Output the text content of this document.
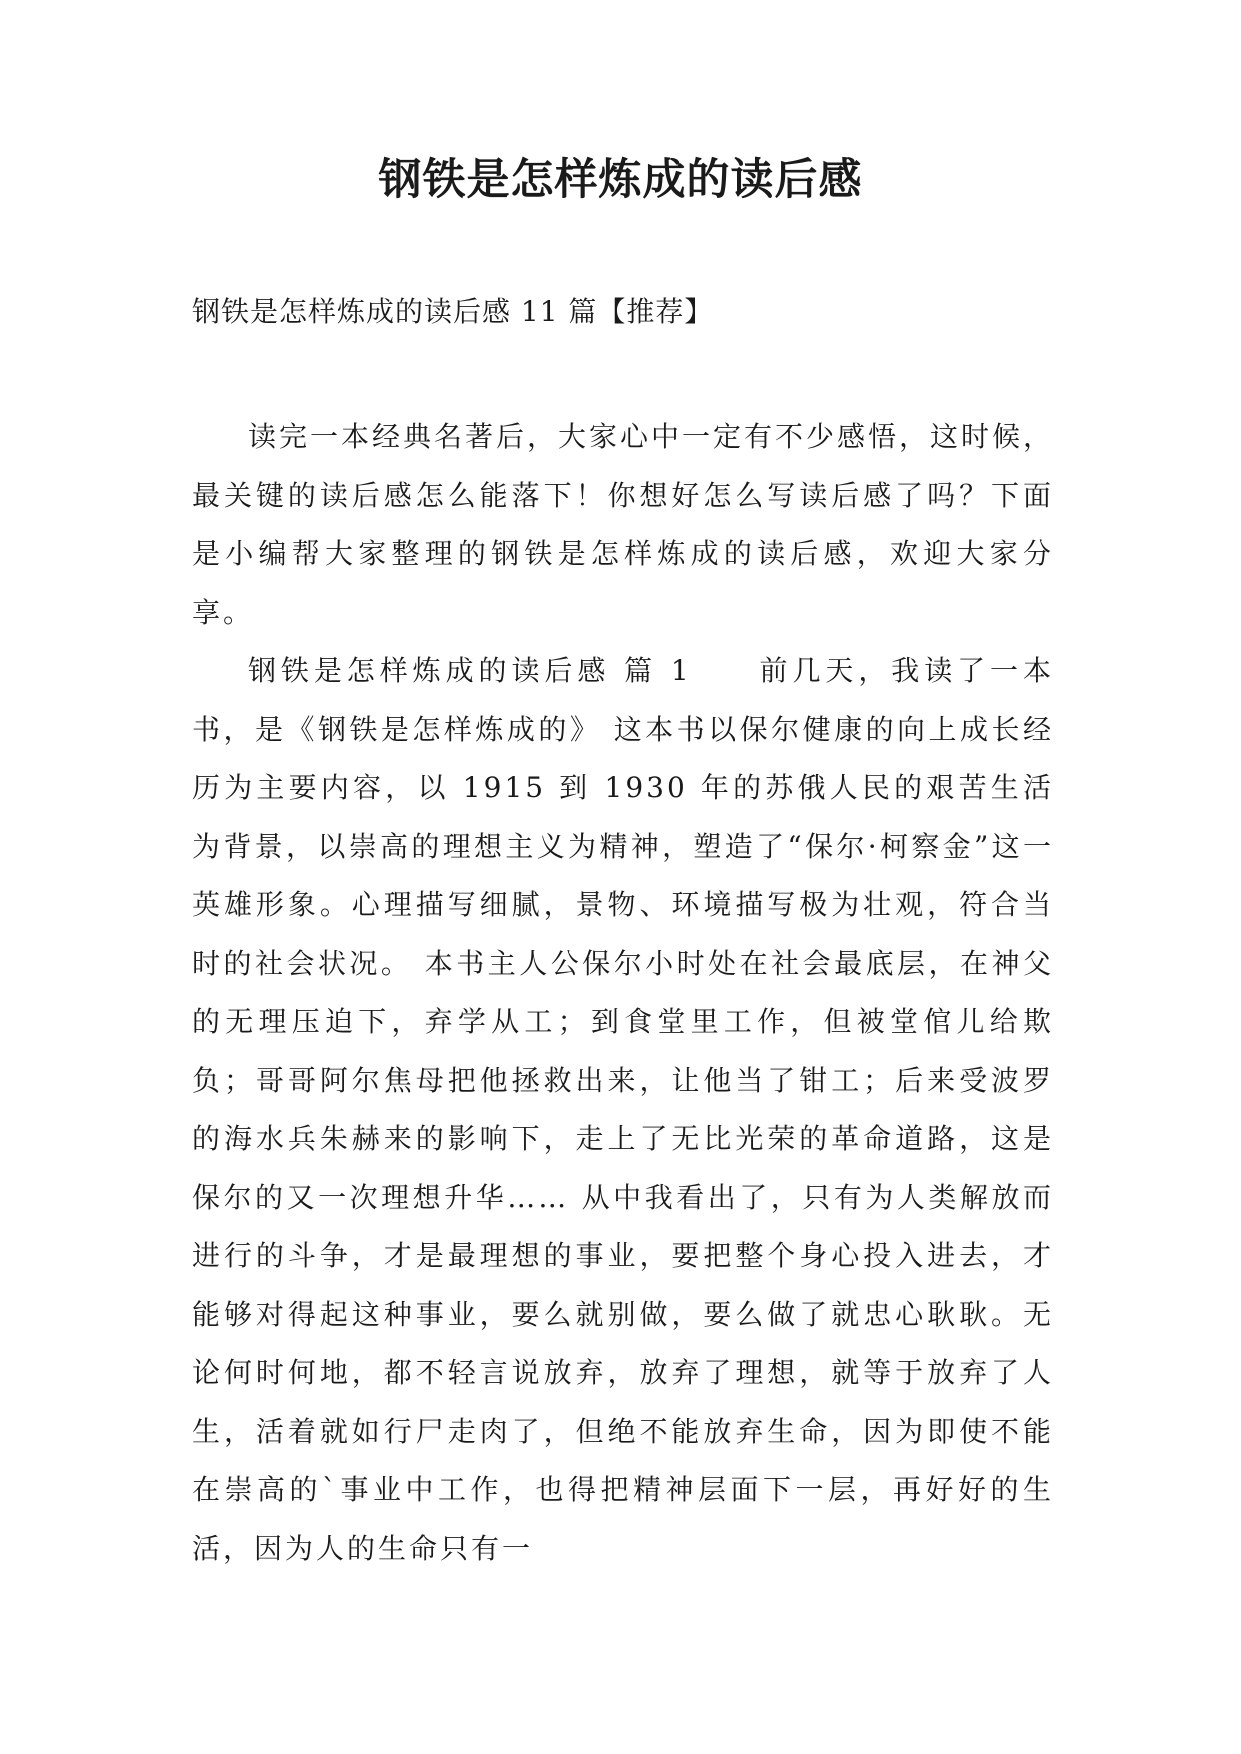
钢铁是怎样炼成的读后感
钢铁是怎样炼成的读后感 11 篇【推荐】

读完一本经典名著后，大家心中一定有不少感悟，这时候，最关键的读后感怎么能落下！你想好怎么写读后感了吗？下面是小编帮大家整理的钢铁是怎样炼成的读后感，欢迎大家分享。

钢铁是怎样炼成的读后感 篇 1　　前几天，我读了一本书，是《钢铁是怎样炼成的》 这本书以保尔健康的向上成长经历为主要内容，以 1915 到 1930 年的苏俄人民的艰苦生活为背景，以崇高的理想主义为精神，塑造了“保尔·柯察金”这一英雄形象。心理描写细腻，景物、环境描写极为壮观，符合当时的社会状况。 本书主人公保尔小时处在社会最底层，在神父的无理压迫下，弃学从工；到食堂里工作，但被堂倌儿给欺负；哥哥阿尔焦母把他拯救出来，让他当了钳工；后来受波罗的海水兵朱赫来的影响下，走上了无比光荣的革命道路，这是保尔的又一次理想升华…… 从中我看出了，只有为人类解放而进行的斗争，才是最理想的事业，要把整个身心投入进去，才能够对得起这种事业，要么就别做，要么做了就忠心耿耿。无论何时何地，都不轻言说放弃，放弃了理想，就等于放弃了人生，活着就如行尸走肉了，但绝不能放弃生命，因为即使不能在崇高的`事业中工作，也得把精神层面下一层，再好好的生活，因为人的生命只有一
